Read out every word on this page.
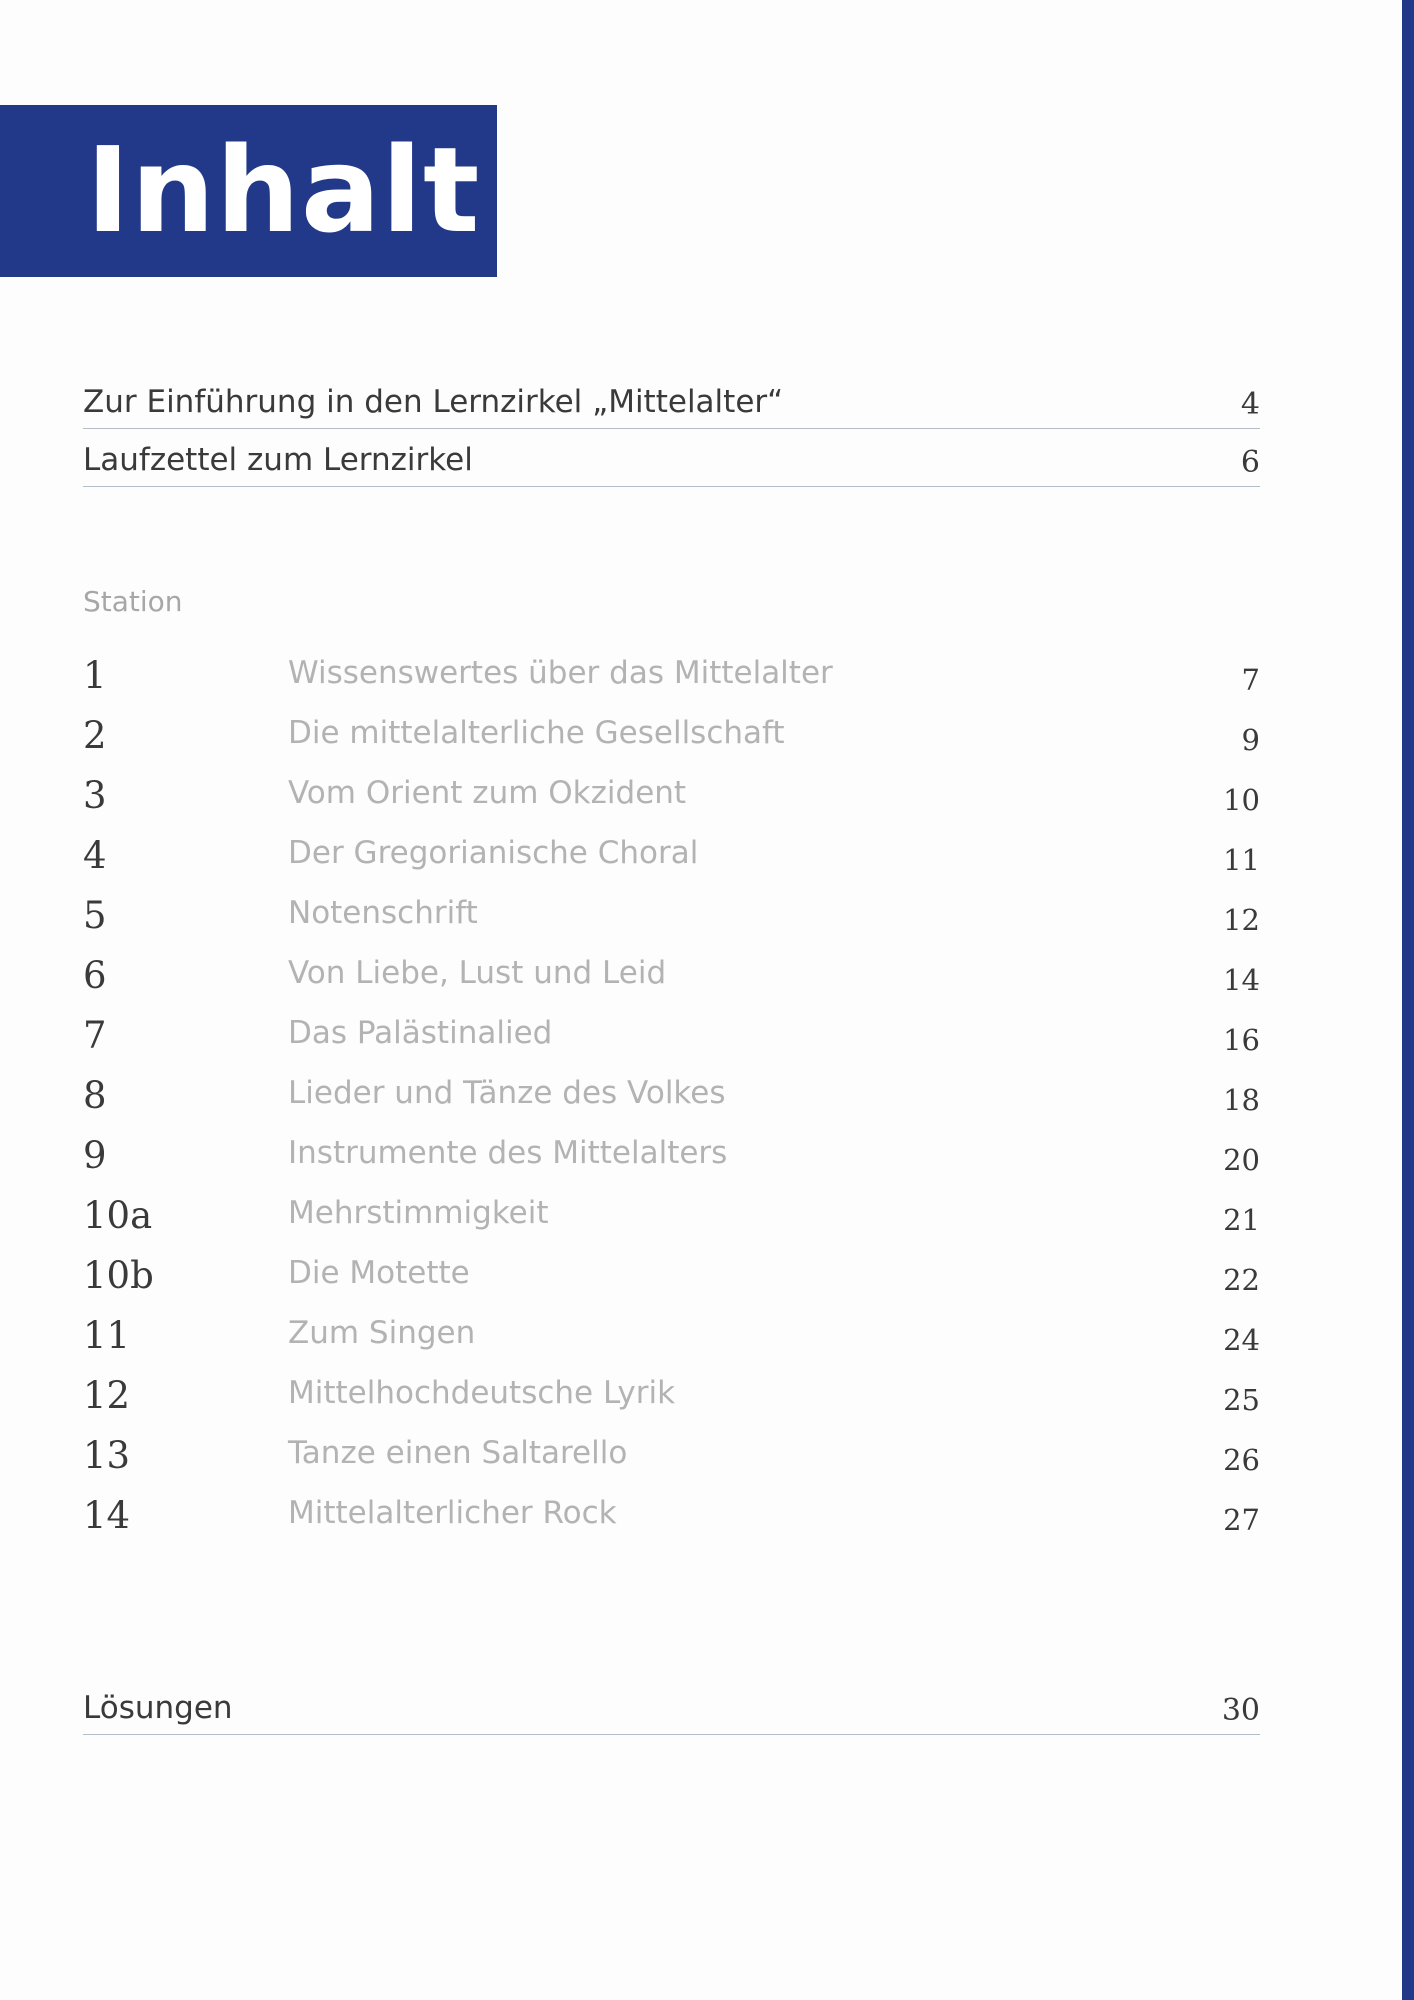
Inhalt
Zur Einführung in den Lernzirkel „Mittelalter“	4
Laufzettel zum Lernzirkel	6
Station
1	Wissenswertes über das Mittelalter	7
2	Die mittelalterliche Gesellschaft	9
3	Vom Orient zum Okzident	10
4	Der Gregorianische Choral	11
5	Notenschrift	12
6	Von Liebe, Lust und Leid	14
7	Das Palästinalied	16
8	Lieder und Tänze des Volkes	18
9	Instrumente des Mittelalters	20
10a	Mehrstimmigkeit	21
10b	Die Motette	22
11	Zum Singen	24
12	Mittelhochdeutsche Lyrik	25
13	Tanze einen Saltarello	26
14	Mittelalterlicher Rock	27
Lösungen	30
